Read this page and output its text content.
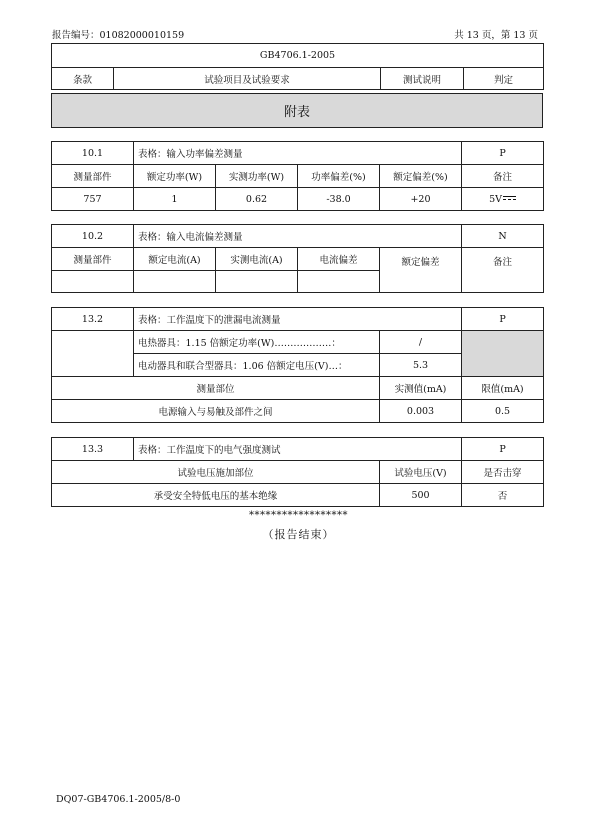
报告编号：01082000010159	共 13 页，第 13 页
GB4706.1-2005
条款	试验项目及试验要求	测试说明	判定
附表
10.1	表格：输入功率偏差测量				P
测量部件	额定功率(W)	实测功率(W)	功率偏差(%)	额定偏差(%)	备注
757	1	0.62	-38.0	+20	5V
10.2	表格：输入电流偏差测量				N
测量部件	额定电流(A)	实测电流(A)	电流偏差	额定偏差	备注

13.2	表格：工作温度下的泄漏电流测量		P
	电热器具：1.15 倍额定功率(W)………………：	/	
	电动器具和联合型器具：1.06 倍额定电压(V)…：	5.3	
测量部位		实测值(mA)	限值(mA)
电源输入与易触及部件之间		0.003	0.5
13.3	表格：工作温度下的电气强度测试		P
试验电压施加部位		试验电压(V)	是否击穿
承受安全特低电压的基本绝缘		500	否
******************
（报告结束）
DQ07-GB4706.1-2005/8-0
